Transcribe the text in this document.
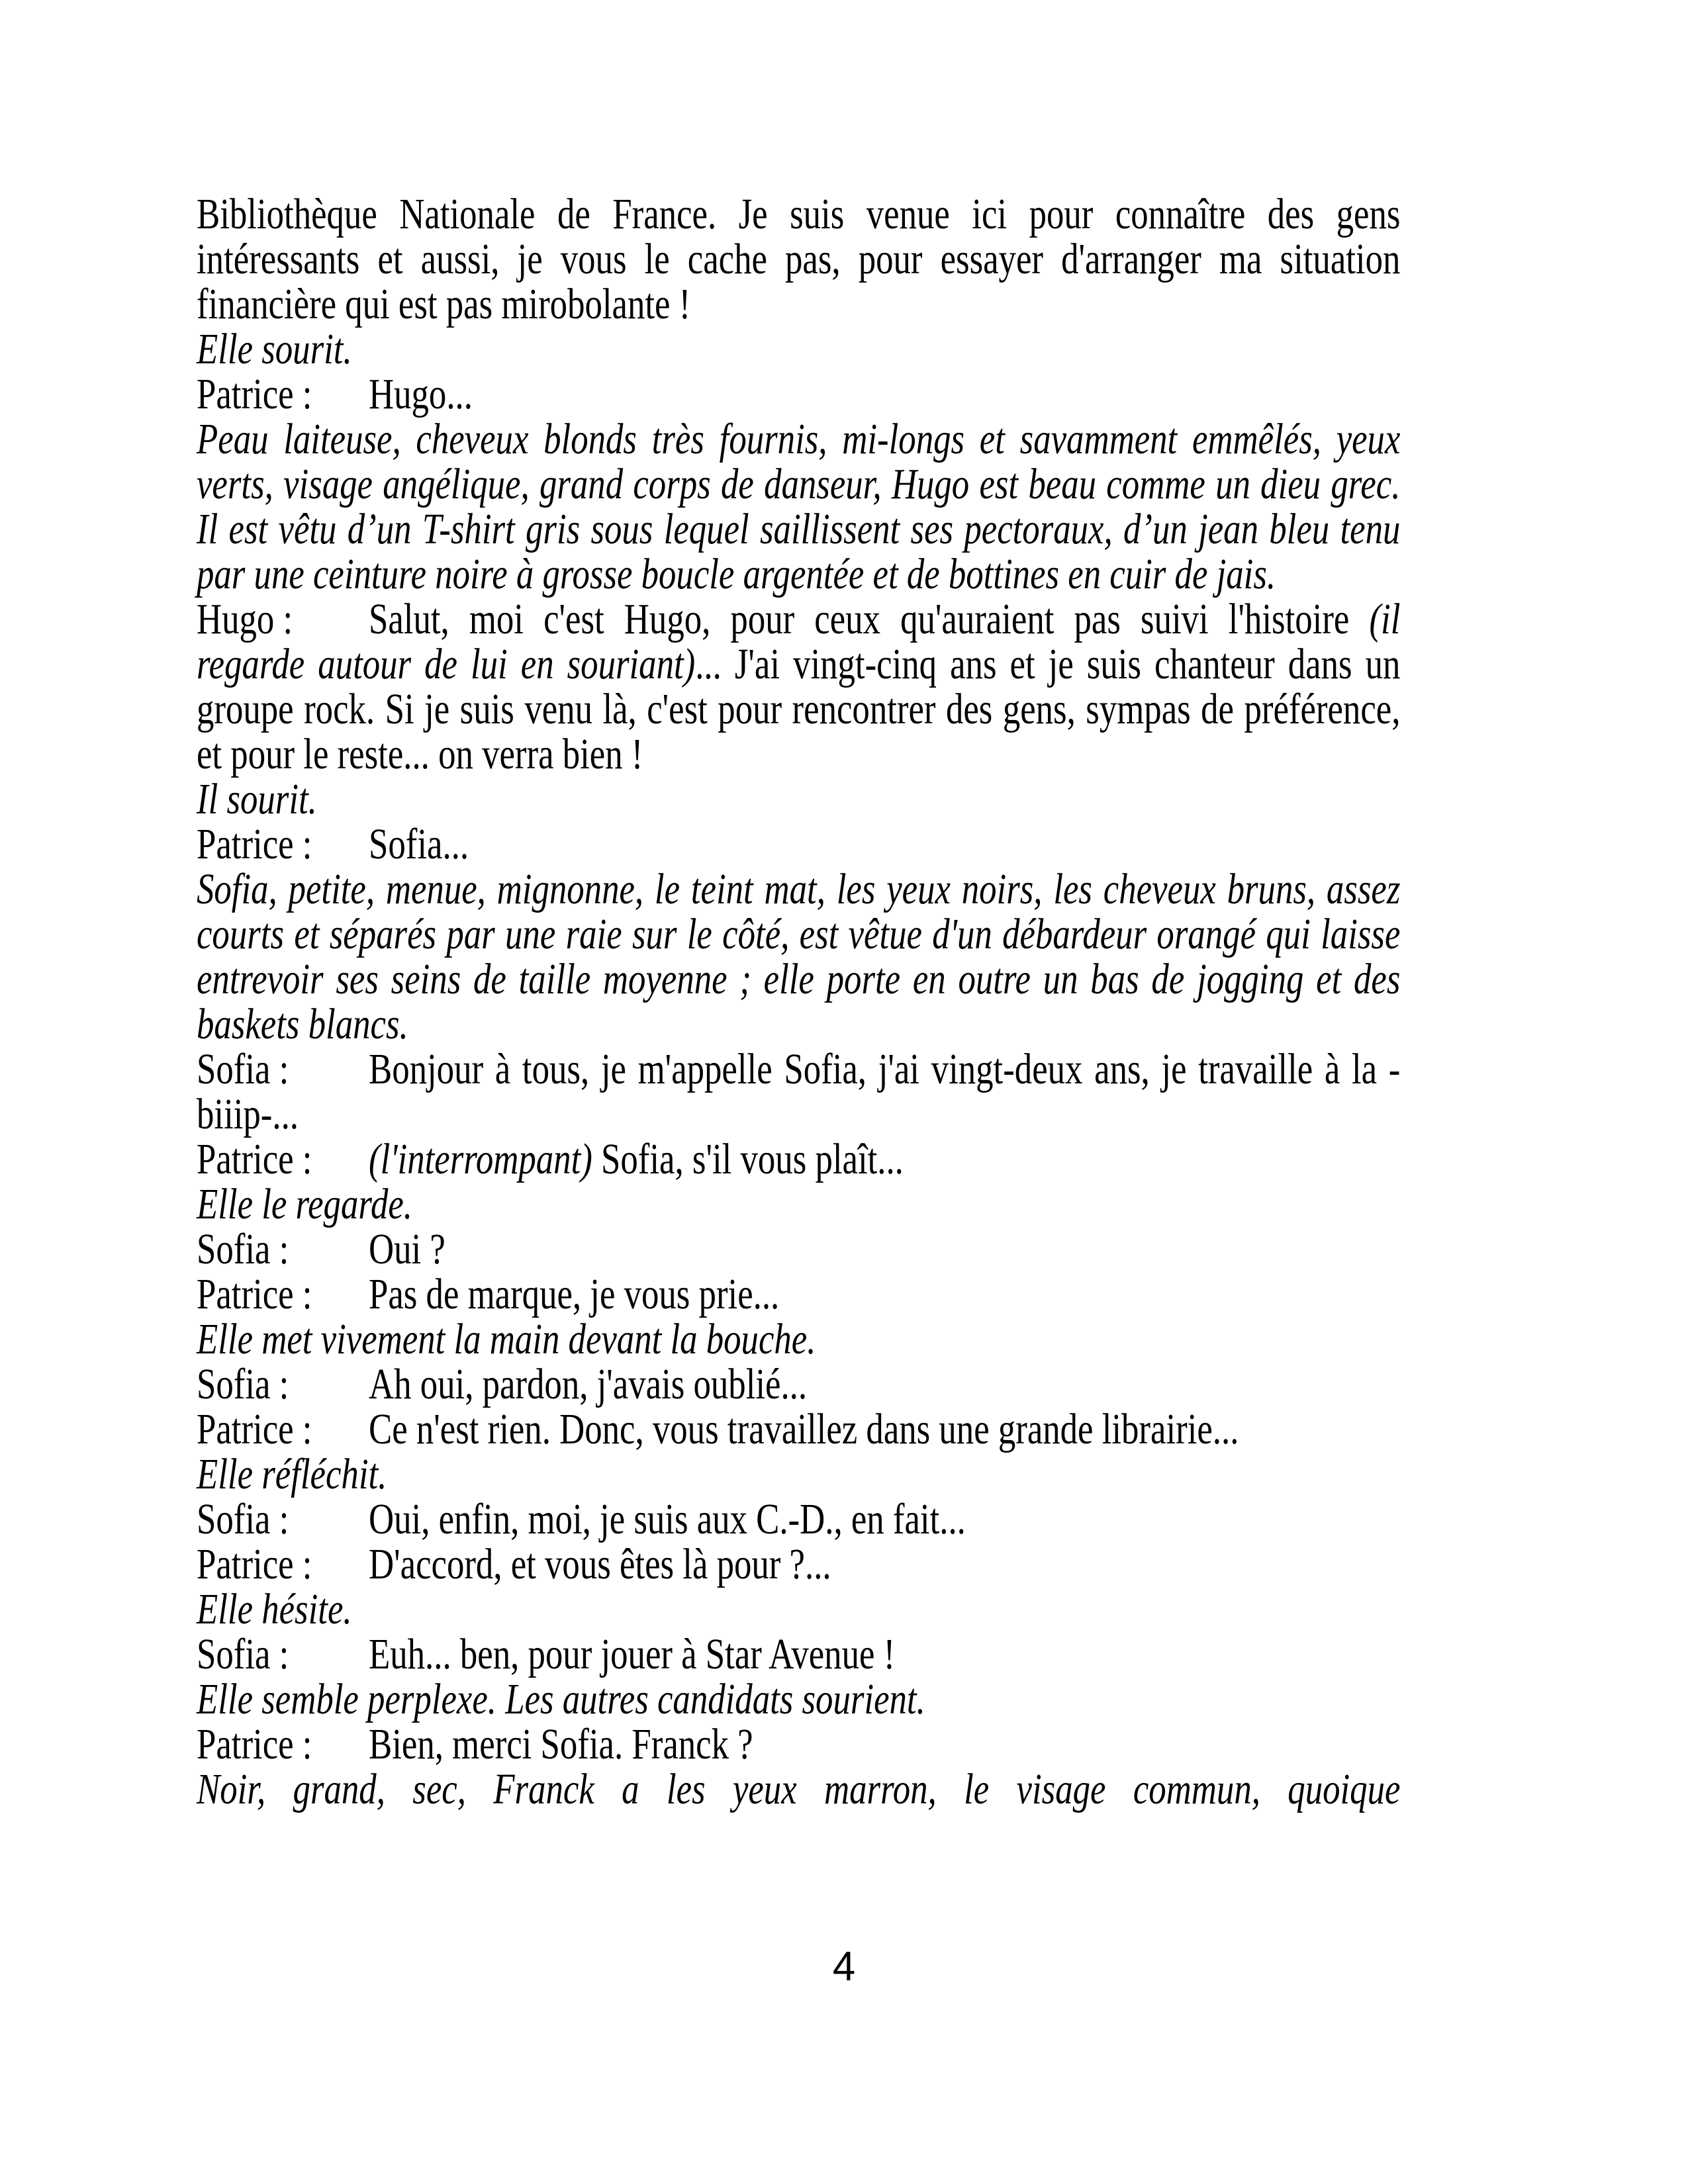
Bibliothèque Nationale de France. Je suis venue ici pour connaître des gens intéressants et aussi, je vous le cache pas, pour essayer d'arranger ma situation financière qui est pas mirobolante !

Elle sourit.

Patrice : Hugo...

Peau laiteuse, cheveux blonds très fournis, mi-longs et savamment emmêlés, yeux verts, visage angélique, grand corps de danseur, Hugo est beau comme un dieu grec. Il est vêtu d’un T-shirt gris sous lequel saillissent ses pectoraux, d’un jean bleu tenu par une ceinture noire à grosse boucle argentée et de bottines en cuir de jais.

Hugo : Salut, moi c'est Hugo, pour ceux qu'auraient pas suivi l'histoire (il regarde autour de lui en souriant)... J'ai vingt-cinq ans et je suis chanteur dans un groupe rock. Si je suis venu là, c'est pour rencontrer des gens, sympas de préférence, et pour le reste... on verra bien !

Il sourit.

Patrice : Sofia...

Sofia, petite, menue, mignonne, le teint mat, les yeux noirs, les cheveux bruns, assez courts et séparés par une raie sur le côté, est vêtue d'un débardeur orangé qui laisse entrevoir ses seins de taille moyenne ; elle porte en outre un bas de jogging et des baskets blancs.

Sofia : Bonjour à tous, je m'appelle Sofia, j'ai vingt-deux ans, je travaille à la -biiip-...

Patrice : (l'interrompant) Sofia, s'il vous plaît...

Elle le regarde.

Sofia : Oui ?

Patrice : Pas de marque, je vous prie...

Elle met vivement la main devant la bouche.

Sofia : Ah oui, pardon, j'avais oublié...

Patrice : Ce n'est rien. Donc, vous travaillez dans une grande librairie...

Elle réfléchit.

Sofia : Oui, enfin, moi, je suis aux C.-D., en fait...

Patrice : D'accord, et vous êtes là pour ?...

Elle hésite.

Sofia : Euh... ben, pour jouer à Star Avenue !

Elle semble perplexe. Les autres candidats sourient.

Patrice : Bien, merci Sofia. Franck ?

Noir, grand, sec, Franck a les yeux marron, le visage commun, quoique

4
